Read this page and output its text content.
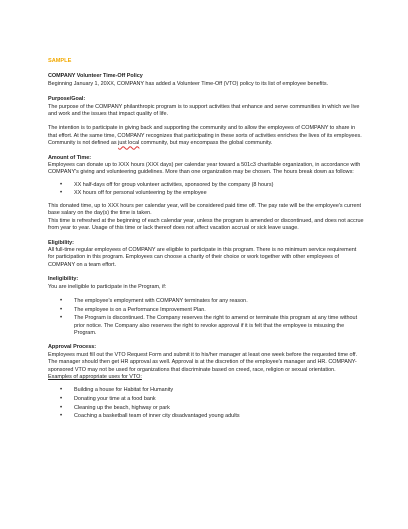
SAMPLE
COMPANY Volunteer Time-Off Policy

Beginning January 1, 20XX, COMPANY has added a Volunteer Time-Off (VTO) policy to its list of employee benefits.

Purpose/Goal:

The purpose of the COMPANY philanthropic program is to support activities that enhance and serve communities in which we live and work and the issues that impact quality of life.

The intention is to participate in giving back and supporting the community and to allow the employees of COMPANY to share in that effort. At the same time, COMPANY recognizes that participating in these sorts of activities enriches the lives of its employees. Community is not defined as just local community, but may encompass the global community.

Amount of Time:

Employees can donate up to XXX hours (XXX days) per calendar year toward a 501c3 charitable organization, in accordance with COMPANY's giving and volunteering guidelines. More than one organization may be chosen. The hours break down as follows:

• XX half-days off for group volunteer activities, sponsored by the company (8 hours)
• XX hours off for personal volunteering by the employee

This donated time, up to XXX hours per calendar year, will be considered paid time off. The pay rate will be the employee's current base salary on the day(s) the time is taken.

This time is refreshed at the beginning of each calendar year, unless the program is amended or discontinued, and does not accrue from year to year. Usage of this time or lack thereof does not affect vacation accrual or sick leave usage.

Eligibility:

All full-time regular employees of COMPANY are eligible to participate in this program. There is no minimum service requirement for participation in this program. Employees can choose a charity of their choice or work together with other employees of COMPANY on a team effort.

Ineligibility:

You are ineligible to participate in the Program, if:

• The employee's employment with COMPANY terminates for any reason.
• The employee is on a Performance Improvement Plan.
• The Program is discontinued. The Company reserves the right to amend or terminate this program at any time without prior notice. The Company also reserves the right to revoke approval if it is felt that the employee is misusing the Program.
Approval Process:

Employees must fill out the VTO Request Form and submit it to his/her manager at least one week before the requested time off. The manager should then get HR approval as well. Approval is at the discretion of the employee's manager and HR. COMPANY-sponsored VTO may not be used for organizations that discriminate based on creed, race, religion or sexual orientation.

Examples of appropriate uses for VTO:

• Building a house for Habitat for Humanity
• Donating your time at a food bank
• Cleaning up the beach, highway or park
• Coaching a basketball team of inner city disadvantaged young adults
